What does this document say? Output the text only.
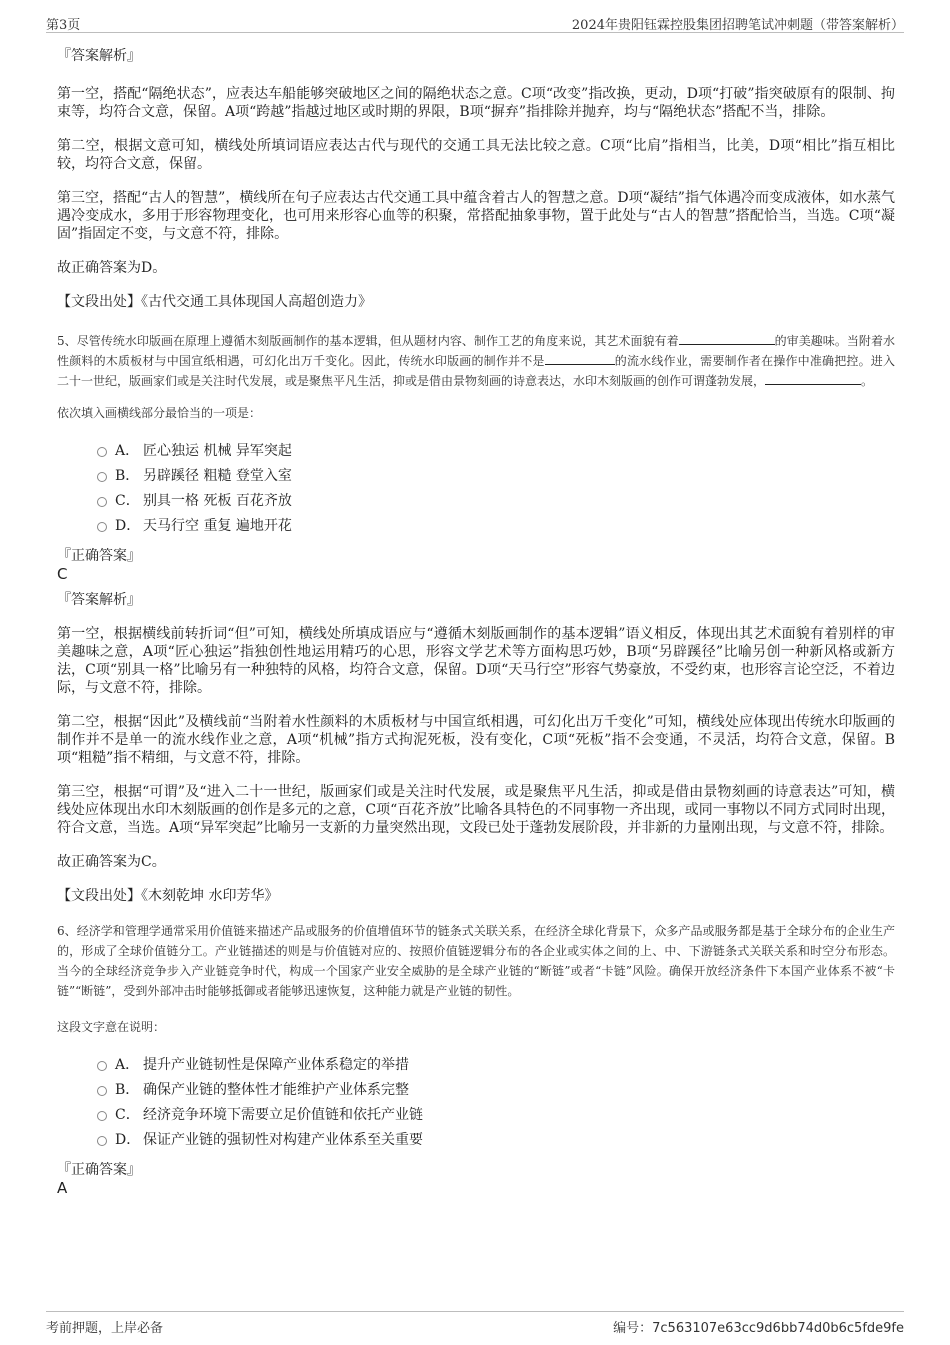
第3页	2024年贵阳钰霖控股集团招聘笔试冲刺题（带答案解析）

『答案解析』

第一空，搭配“隔绝状态”，应表达车船能够突破地区之间的隔绝状态之意。C项“改变”指改换，更动，D项“打破”指突破原有的限制、拘束等，均符合文意，保留。A项“跨越”指越过地区或时期的界限，B项“摒弃”指排除并抛弃，均与“隔绝状态”搭配不当，排除。

第二空，根据文意可知，横线处所填词语应表达古代与现代的交通工具无法比较之意。C项“比肩”指相当，比美，D项“相比”指互相比较，均符合文意，保留。

第三空，搭配“古人的智慧”，横线所在句子应表达古代交通工具中蕴含着古人的智慧之意。D项“凝结”指气体遇冷而变成液体，如水蒸气遇冷变成水，多用于形容物理变化，也可用来形容心血等的积聚，常搭配抽象事物，置于此处与“古人的智慧”搭配恰当，当选。C项“凝固”指固定不变，与文意不符，排除。

故正确答案为D。

【文段出处】《古代交通工具体现国人高超创造力》

5、尽管传统水印版画在原理上遵循木刻版画制作的基本逻辑，但从题材内容、制作工艺的角度来说，其艺术面貌有着	的审美趣味。当附着水性颜料的木质板材与中国宣纸相遇，可幻化出万千变化。因此，传统水印版画的制作并不是	的流水线作业，需要制作者在操作中准确把控。进入二十一世纪，版画家们或是关注时代发展，或是聚焦平凡生活，抑或是借由景物刻画的诗意表达，水印木刻版画的创作可谓蓬勃发展，	。

依次填入画横线部分最恰当的一项是：

A． 匠心独运 机械 异军突起
B． 另辟蹊径 粗糙 登堂入室
C． 别具一格 死板 百花齐放
D． 天马行空 重复 遍地开花

『正确答案』

C

『答案解析』

第一空，根据横线前转折词“但”可知，横线处所填成语应与“遵循木刻版画制作的基本逻辑”语义相反，体现出其艺术面貌有着别样的审美趣味之意，A项“匠心独运”指独创性地运用精巧的心思，形容文学艺术等方面构思巧妙，B项“另辟蹊径”比喻另创一种新风格或新方法，C项“别具一格”比喻另有一种独特的风格，均符合文意，保留。D项“天马行空”形容气势豪放，不受约束，也形容言论空泛，不着边际，与文意不符，排除。

第二空，根据“因此”及横线前“当附着水性颜料的木质板材与中国宣纸相遇，可幻化出万千变化”可知，横线处应体现出传统水印版画的制作并不是单一的流水线作业之意，A项“机械”指方式拘泥死板，没有变化，C项“死板”指不会变通，不灵活，均符合文意，保留。B项“粗糙”指不精细，与文意不符，排除。

第三空，根据“可谓”及“进入二十一世纪，版画家们或是关注时代发展，或是聚焦平凡生活，抑或是借由景物刻画的诗意表达”可知，横线处应体现出水印木刻版画的创作是多元的之意，C项“百花齐放”比喻各具特色的不同事物一齐出现，或同一事物以不同方式同时出现，符合文意，当选。A项“异军突起”比喻另一支新的力量突然出现，文段已处于蓬勃发展阶段，并非新的力量刚出现，与文意不符，排除。

故正确答案为C。

【文段出处】《木刻乾坤 水印芳华》

6、经济学和管理学通常采用价值链来描述产品或服务的价值增值环节的链条式关联关系，在经济全球化背景下，众多产品或服务都是基于全球分布的企业生产的，形成了全球价值链分工。产业链描述的则是与价值链对应的、按照价值链逻辑分布的各企业或实体之间的上、中、下游链条式关联关系和时空分布形态。当今的全球经济竞争步入产业链竞争时代，构成一个国家产业安全威胁的是全球产业链的“断链”或者“卡链”风险。确保开放经济条件下本国产业体系不被“卡链”“断链”，受到外部冲击时能够抵御或者能够迅速恢复，这种能力就是产业链的韧性。

这段文字意在说明：

A． 提升产业链韧性是保障产业体系稳定的举措
B． 确保产业链的整体性才能维护产业体系完整
C． 经济竞争环境下需要立足价值链和依托产业链
D． 保证产业链的强韧性对构建产业体系至关重要

『正确答案』

A

考前押题，上岸必备	编号：7c563107e63cc9d6bb74d0b6c5fde9fe
